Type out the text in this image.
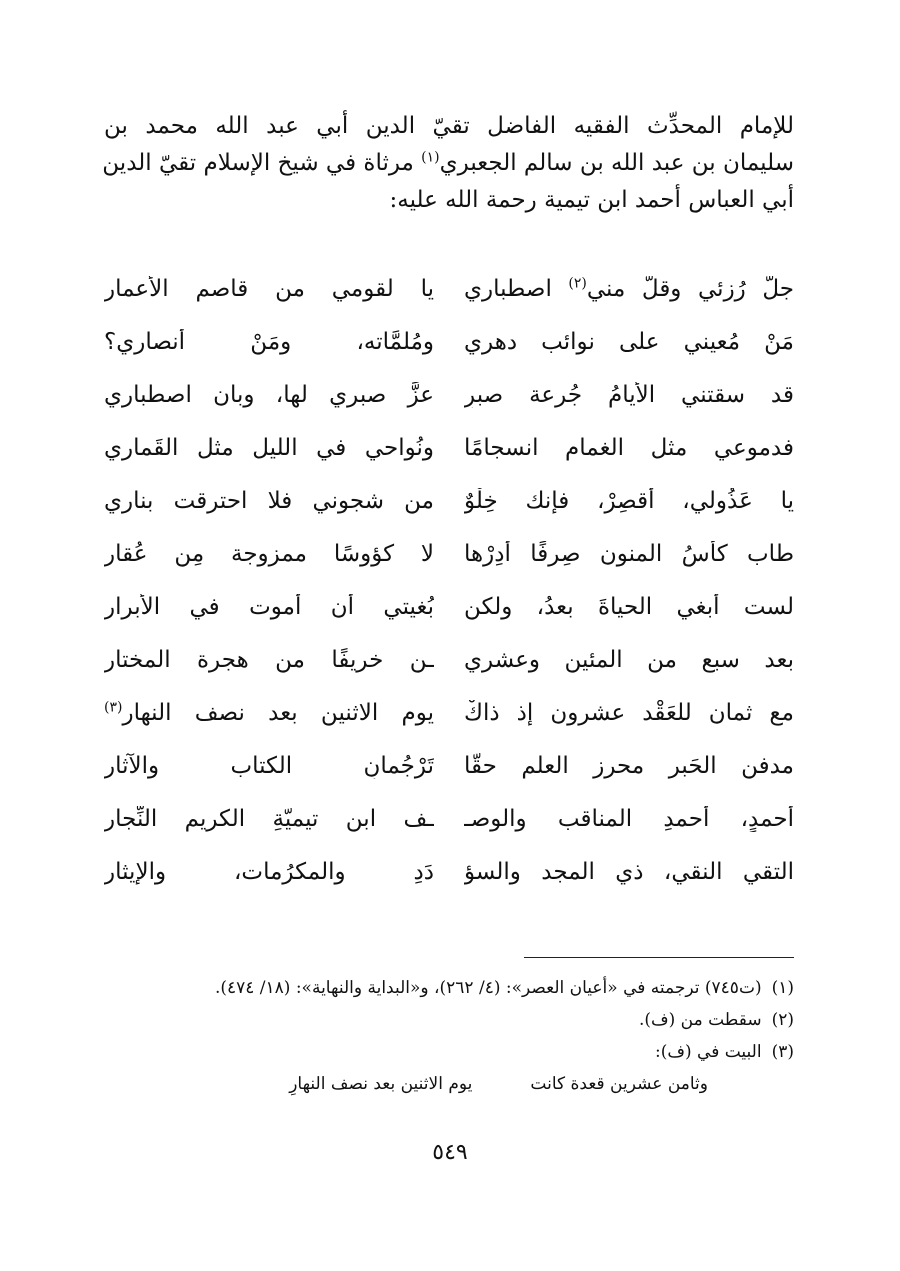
للإمام المحدِّث الفقيه الفاضل تقيّ الدين أبي عبد الله محمد بن
سليمان بن عبد الله بن سالم الجعبري$^{(١)}$ مرثاة في شيخ الإسلام تقيّ الدين
أبي العباس أحمد ابن تيمية رحمة الله عليه:
جلَّ رُزئي وقلَّ مني$^{(٢)}$ اصطباري
يا لقومي من قاصم الأعمارِ
مَنْ مُعيني على نوائب دهري
ومُلمَّاته، ومَنْ أنصاري؟
قد سقتني الأيامُ جُرعة صبرٍ
عزَّ صبري لها، وبان اصطباري
فدموعي مثل الغمام انسجامًا
ونُواحي في الليل مثل القَماري
يا عَذُولي، أقصِرْ، فإنك خِلْوٌ
من شجوني فلا احترقت بناري
طاب كأسُ المنون صِرفًا أدِرْها
لا كؤوسًا ممزوجة مِن عُقار
لست أبغي الحياةَ بعدُ، ولكن
بُغيتي أن أموت في الأبرار
بعد سبعٍ من المئين وعشري
ـن خريفًا من هجرة المختار
مع ثمان للعَقْد عشرون إذ ذاكْ
يوم الاثنين بعد نصف النهار$^{(٣)}$
مدفن الحَبرِ محرزِ العلم حقًّا
تَرْجُمانِ الكتاب والآثار
أحمدٍ، أحمدِ المناقب والوصـ
ـف ابن تيميّةِ الكريم النِّجار
التقي النقي، ذي المجد والسؤ
دَدِ والمكرُمات، والإيثار
(١)(ت٧٤٥) ترجمته في «أعيان العصر»: (٤/ ٢٦٢)، و«البداية والنهاية»: (١٨/ ٤٧٤).
(٢)سقطت من (ف).
(٣)البيت في (ف):
وثامن عشرين قعدة كانت
يوم الاثنين بعد نصف النهارِ
٥٤٩
